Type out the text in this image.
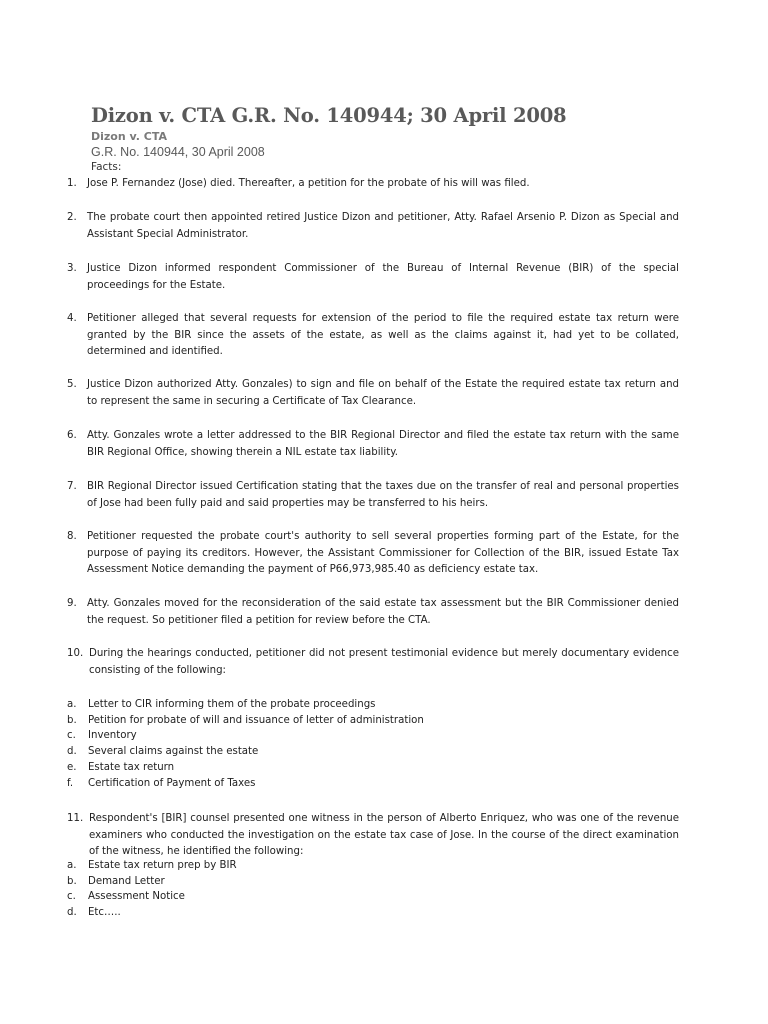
Dizon v. CTA G.R. No. 140944; 30 April 2008
Dizon v. CTA
G.R. No. 140944, 30 April 2008
Facts:
1. Jose P. Fernandez (Jose) died. Thereafter, a petition for the probate of his will was filed.
2. The probate court then appointed retired Justice Dizon and petitioner, Atty. Rafael Arsenio P. Dizon as Special and Assistant Special Administrator.
3. Justice Dizon informed respondent Commissioner of the Bureau of Internal Revenue (BIR) of the special proceedings for the Estate.
4. Petitioner alleged that several requests for extension of the period to file the required estate tax return were granted by the BIR since the assets of the estate, as well as the claims against it, had yet to be collated, determined and identified.
5. Justice Dizon authorized Atty. Gonzales) to sign and file on behalf of the Estate the required estate tax return and to represent the same in securing a Certificate of Tax Clearance.
6. Atty. Gonzales wrote a letter addressed to the BIR Regional Director and filed the estate tax return with the same BIR Regional Office, showing therein a NIL estate tax liability.
7. BIR Regional Director issued Certification stating that the taxes due on the transfer of real and personal properties of Jose had been fully paid and said properties may be transferred to his heirs.
8. Petitioner requested the probate court's authority to sell several properties forming part of the Estate, for the purpose of paying its creditors. However, the Assistant Commissioner for Collection of the BIR, issued Estate Tax Assessment Notice demanding the payment of P66,973,985.40 as deficiency estate tax.
9. Atty. Gonzales moved for the reconsideration of the said estate tax assessment but the BIR Commissioner denied the request. So petitioner filed a petition for review before the CTA.
10. During the hearings conducted, petitioner did not present testimonial evidence but merely documentary evidence consisting of the following:
a. Letter to CIR informing them of the probate proceedings
b. Petition for probate of will and issuance of letter of administration
c. Inventory
d. Several claims against the estate
e. Estate tax return
f. Certification of Payment of Taxes
11. Respondent's [BIR] counsel presented one witness in the person of Alberto Enriquez, who was one of the revenue examiners who conducted the investigation on the estate tax case of Jose. In the course of the direct examination of the witness, he identified the following:
a. Estate tax return prep by BIR
b. Demand Letter
c. Assessment Notice
d. Etc…..
